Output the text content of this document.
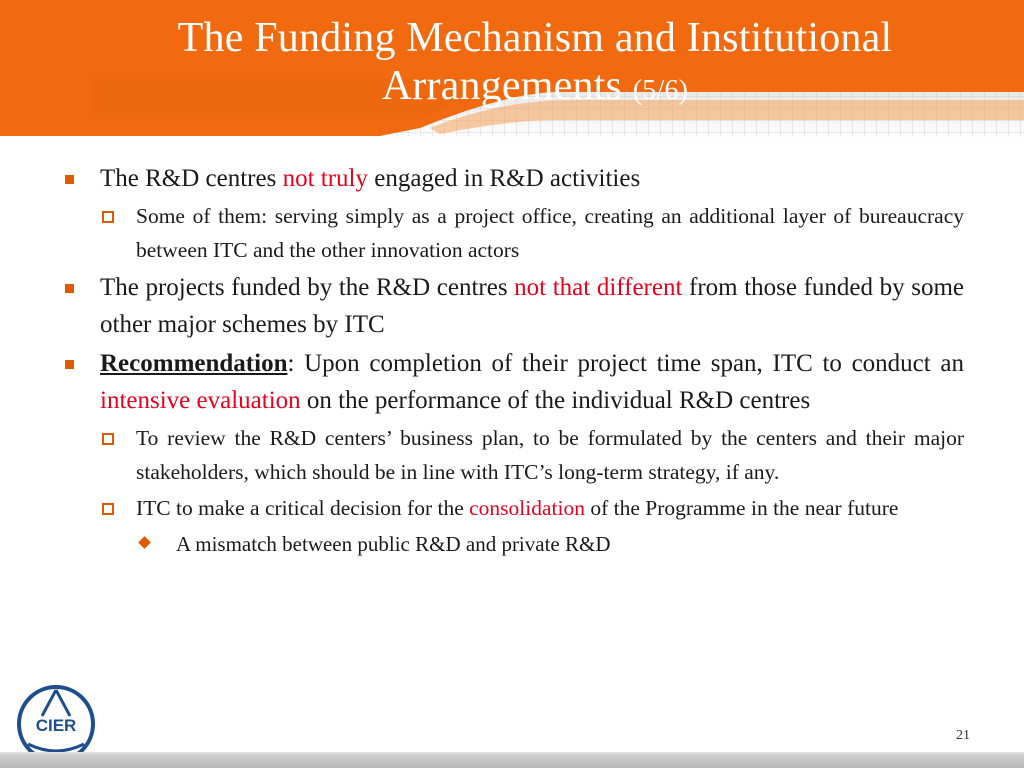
The Funding Mechanism and Institutional Arrangements (5/6)
The R&D centres not truly engaged in R&D activities
Some of them: serving simply as a project office, creating an additional layer of bureaucracy between ITC and the other innovation actors
The projects funded by the R&D centres not that different from those funded by some other major schemes by ITC
Recommendation: Upon completion of their project time span, ITC to conduct an intensive evaluation on the performance of the individual R&D centres
To review the R&D centers’ business plan, to be formulated by the centers and their major stakeholders, which should be in line with ITC’s long-term strategy, if any.
ITC to make a critical decision for the consolidation of the Programme in the near future
A mismatch between public R&D and private R&D
CIER
21
